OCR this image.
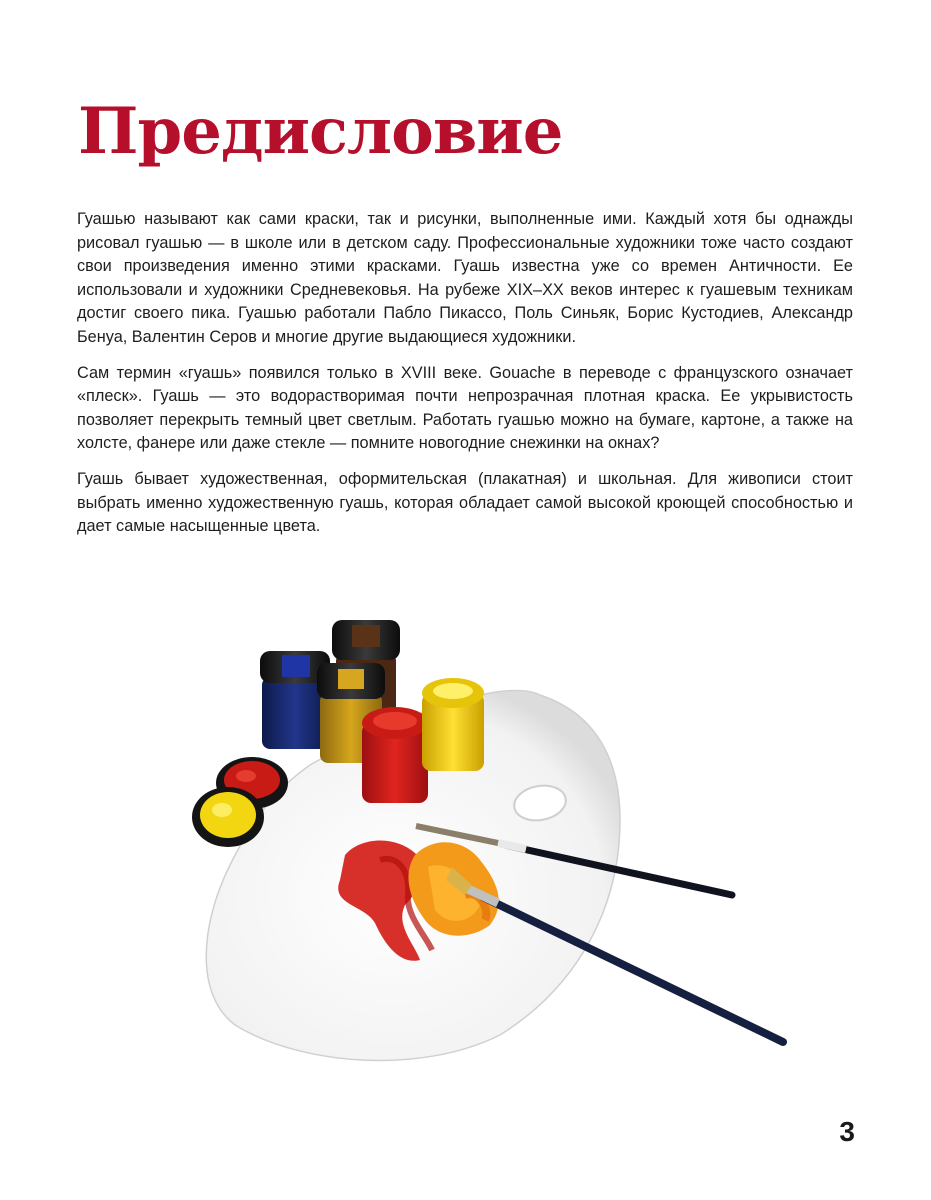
Предисловие

Гуашью называют как сами краски, так и рисунки, выполненные ими. Каждый хотя бы однажды рисовал гуашью — в школе или в детском саду. Профессиональные художники тоже часто создают свои произведения именно этими красками. Гуашь известна уже со времен Античности. Ее использовали и художники Средневековья. На рубеже XIX–XX веков интерес к гуашевым техникам достиг своего пика. Гуашью работали Пабло Пикассо, Поль Синьяк, Борис Кустодиев, Александр Бенуа, Валентин Серов и многие другие выдающиеся художники.

Сам термин «гуашь» появился только в XVIII веке. Gouache в переводе с французского означает «плеск». Гуашь — это водорастворимая почти непрозрачная плотная краска. Ее укрывистость позволяет перекрыть темный цвет светлым. Работать гуашью можно на бумаге, картоне, а также на холсте, фанере или даже стекле — помните новогодние снежинки на окнах?

Гуашь бывает художественная, оформительская (плакатная) и школьная. Для живописи стоит выбрать именно художественную гуашь, которая обладает самой высокой кроющей способностью и дает самые насыщенные цвета.

3
